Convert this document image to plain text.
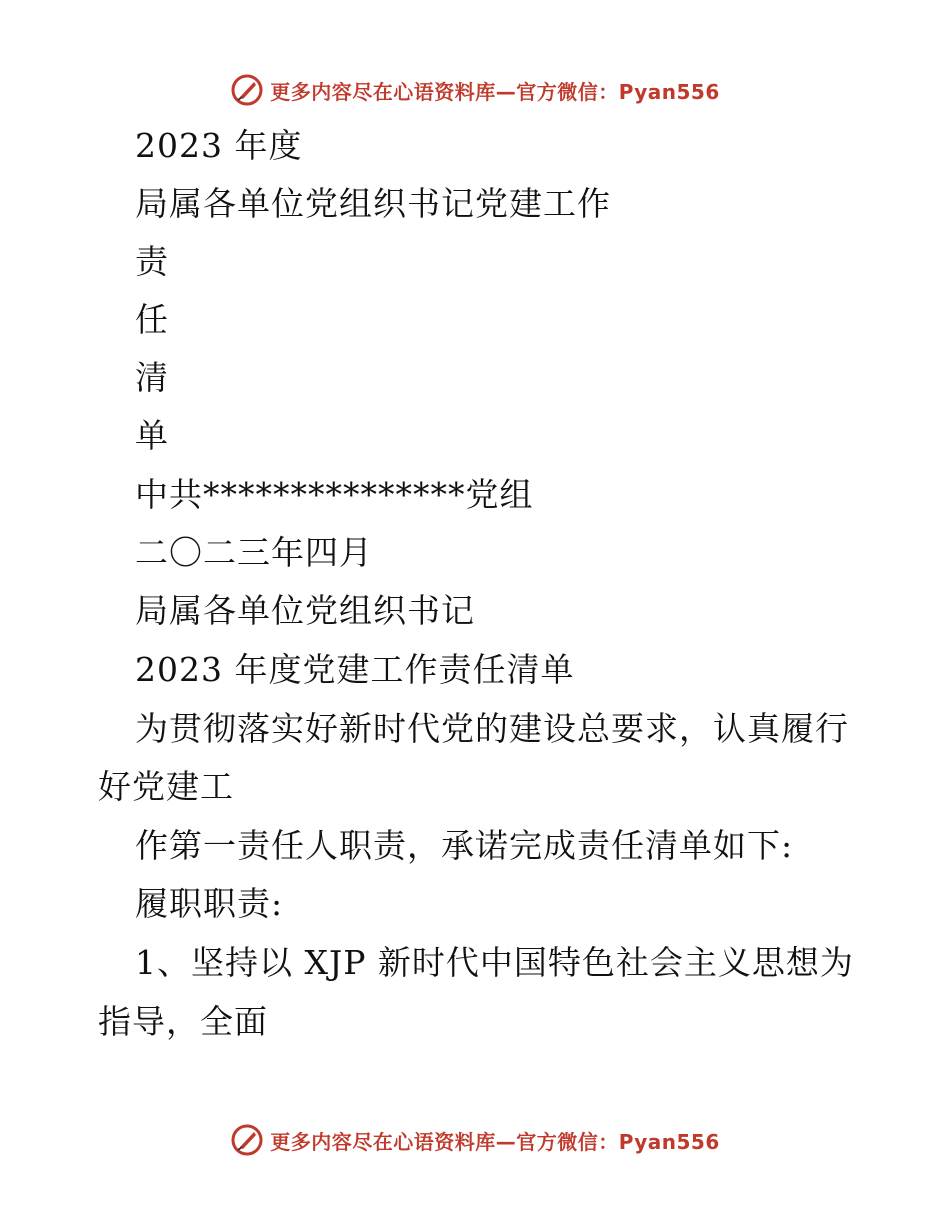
更多内容尽在心语资料库—官方微信：Pyan556
2023 年度
局属各单位党组织书记党建工作
责
任
清
单
中共***************党组
二〇二三年四月
局属各单位党组织书记
2023 年度党建工作责任清单
为贯彻落实好新时代党的建设总要求，认真履行
好党建工
作第一责任人职责，承诺完成责任清单如下:
履职职责:
1、坚持以 XJP 新时代中国特色社会主义思想为
指导，全面
更多内容尽在心语资料库—官方微信：Pyan556
